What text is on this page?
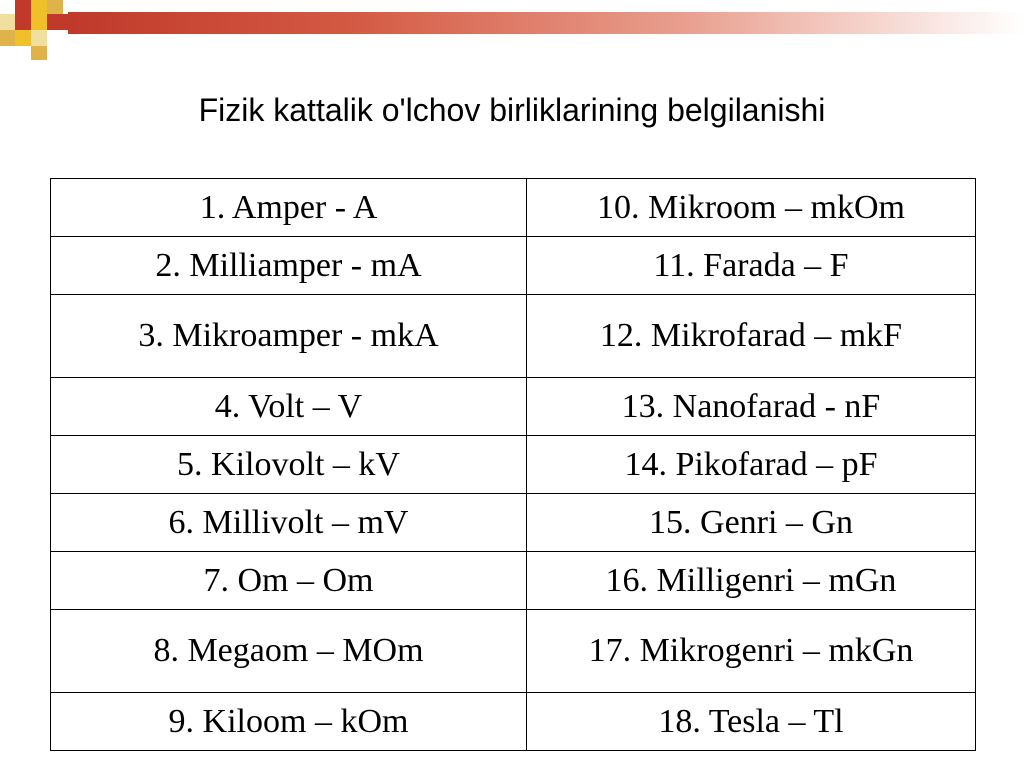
Fizik kattalik o'lchov birliklarining belgilanishi
1. Amper - A	10. Mikroom – mkOm
2. Milliamper - mA	11. Farada – F
3. Mikroamper - mkA	12. Mikrofarad – mkF
4. Volt – V	13. Nanofarad - nF
5. Kilovolt – kV	14. Pikofarad – pF
6. Millivolt – mV	15. Genri – Gn
7. Om – Om	16. Milligenri – mGn
8. Megaom – MOm	17. Mikrogenri – mkGn
9. Kiloom – kOm	18. Tesla – Tl
